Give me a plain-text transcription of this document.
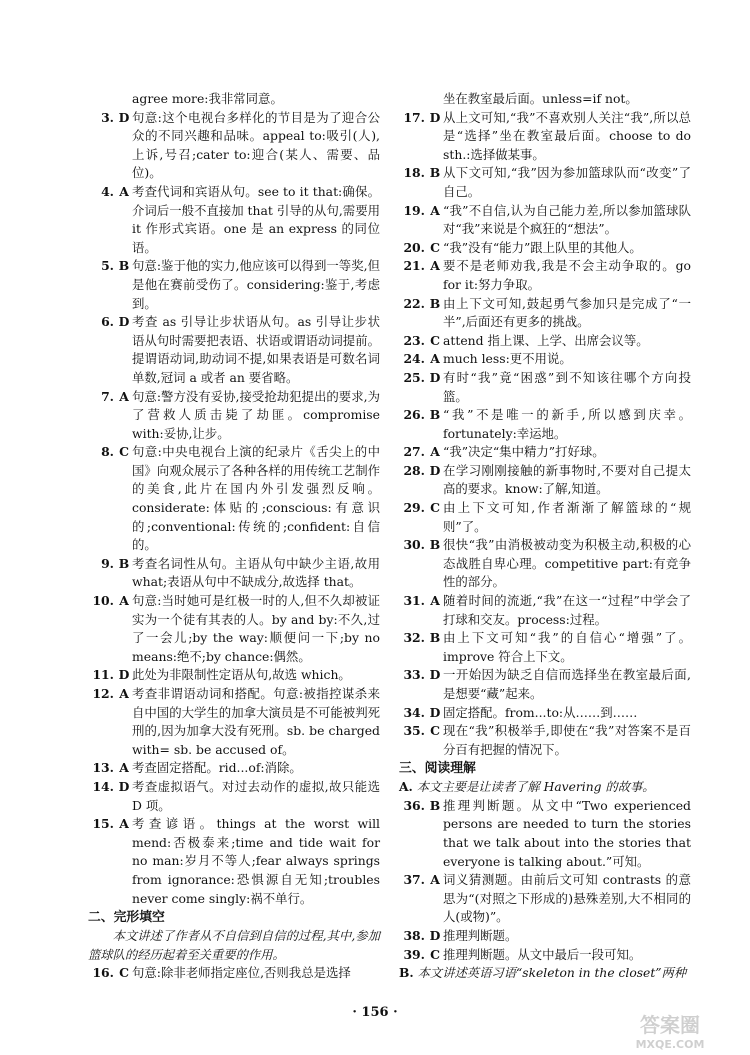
agree more:我非常同意。
3. D 句意:这个电视台多样化的节目是为了迎合公众的不同兴趣和品味。appeal to:吸引(人),上诉,号召;cater to:迎合(某人、需要、品位)。
4. A 考查代词和宾语从句。see to it that:确保。介词后一般不直接加 that 引导的从句,需要用 it 作形式宾语。one 是 an express 的同位语。
5. B 句意:鉴于他的实力,他应该可以得到一等奖,但是他在赛前受伤了。considering:鉴于,考虑到。
6. D 考查 as 引导让步状语从句。as 引导让步状语从句时需要把表语、状语或谓语动词提前。提谓语动词,助动词不提,如果表语是可数名词单数,冠词 a 或者 an 要省略。
7. A 句意:警方没有妥协,接受抢劫犯提出的要求,为了营救人质击毙了劫匪。compromise with:妥协,让步。
8. C 句意:中央电视台上演的纪录片《舌尖上的中国》向观众展示了各种各样的用传统工艺制作的美食,此片在国内外引发强烈反响。considerate:体贴的;conscious:有意识的;conventional:传统的;confident:自信的。
9. B 考查名词性从句。主语从句中缺少主语,故用 what;表语从句中不缺成分,故选择 that。
10. A 句意:当时她可是红极一时的人,但不久却被证实为一个徒有其表的人。by and by:不久,过了一会儿;by the way:顺便问一下;by no means:绝不;by chance:偶然。
11. D 此处为非限制性定语从句,故选 which。
12. A 考查非谓语动词和搭配。句意:被指控谋杀来自中国的大学生的加拿大演员是不可能被判死刑的,因为加拿大没有死刑。sb. be charged with= sb. be accused of。
13. A 考查固定搭配。rid...of:消除。
14. D 考查虚拟语气。对过去动作的虚拟,故只能选 D 项。
15. A 考查谚语。things at the worst will mend:否极泰来;time and tide wait for no man:岁月不等人;fear always springs from ignorance:恐惧源自无知;troubles never come singly:祸不单行。
二、完形填空
本文讲述了作者从不自信到自信的过程,其中,参加篮球队的经历起着至关重要的作用。
16. C 句意:除非老师指定座位,否则我总是选择
坐在教室最后面。unless=if not。
17. D 从上文可知,“我”不喜欢别人关注“我”,所以总是“选择”坐在教室最后面。choose to do sth.:选择做某事。
18. B 从下文可知,“我”因为参加篮球队而“改变”了自己。
19. A “我”不自信,认为自己能力差,所以参加篮球队对“我”来说是个疯狂的“想法”。
20. C “我”没有“能力”跟上队里的其他人。
21. A 要不是老师劝我,我是不会主动争取的。go for it:努力争取。
22. B 由上下文可知,鼓起勇气参加只是完成了“一半”,后面还有更多的挑战。
23. C attend 指上课、上学、出席会议等。
24. A much less:更不用说。
25. D 有时“我”竟“困惑”到不知该往哪个方向投篮。
26. B “我”不是唯一的新手,所以感到庆幸。fortunately:幸运地。
27. A “我”决定“集中精力”打好球。
28. D 在学习刚刚接触的新事物时,不要对自己提太高的要求。know:了解,知道。
29. C 由上下文可知,作者渐渐了解篮球的“规则”了。
30. B 很快“我”由消极被动变为积极主动,积极的心态战胜自卑心理。competitive part:有竞争性的部分。
31. A 随着时间的流逝,“我”在这一“过程”中学会了打球和交友。process:过程。
32. B 由上下文可知“我”的自信心“增强”了。improve 符合上下文。
33. D 一开始因为缺乏自信而选择坐在教室最后面,是想要“藏”起来。
34. D 固定搭配。from...to:从……到……
35. C 现在“我”积极举手,即使在“我”对答案不是百分百有把握的情况下。
三、阅读理解
A. 本文主要是让读者了解 Havering 的故事。
36. B 推理判断题。从文中“Two experienced persons are needed to turn the stories that we talk about into the stories that everyone is talking about.”可知。
37. A 词义猜测题。由前后文可知 contrasts 的意思为“(对照之下形成的)悬殊差别,大不相同的人(或物)”。
38. D 推理判断题。
39. C 推理判断题。从文中最后一段可知。
B. 本文讲述英语习语“skeleton in the closet”两种
· 156 ·
答案圈
MXQE.COM
